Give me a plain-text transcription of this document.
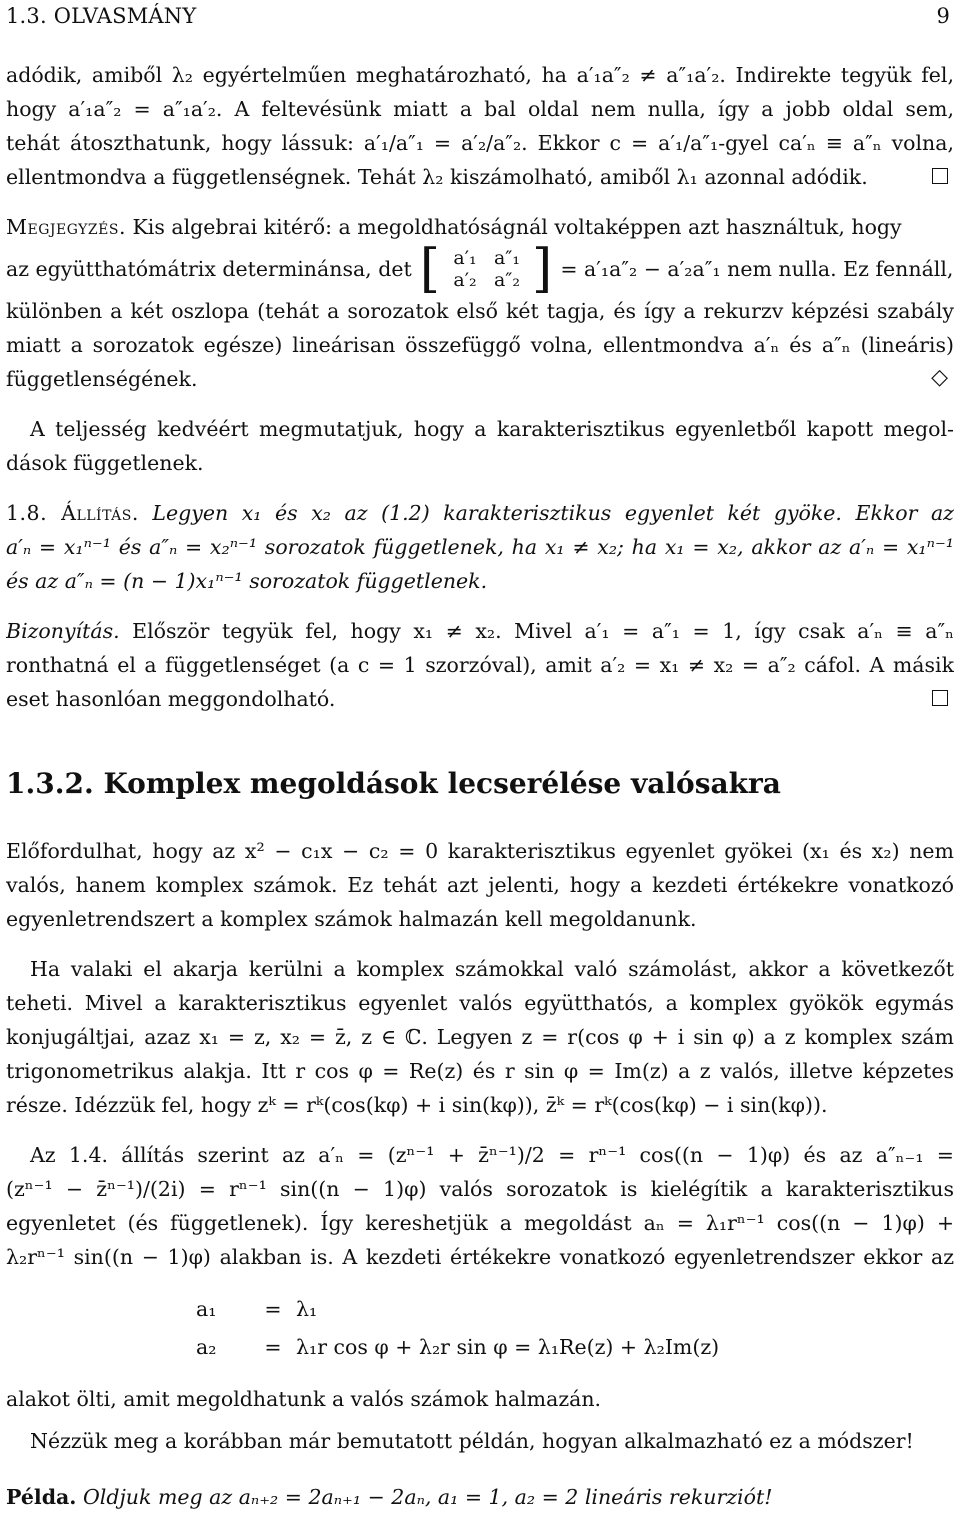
1.3. OLVASMÁNY	9

adódik, amiből λ₂ egyértelműen meghatározható, ha a′₁a″₂ ≠ a″₁a′₂. Indirekte tegyük fel,
hogy a′₁a″₂ = a″₁a′₂. A feltevésünk miatt a bal oldal nem nulla, így a jobb oldal sem,
tehát átoszthatunk, hogy lássuk: a′₁/a″₁ = a′₂/a″₂. Ekkor c = a′₁/a″₁-gyel ca′ₙ ≡ a″ₙ volna,
ellentmondva a függetlenségnek. Tehát λ₂ kiszámolható, amiből λ₁ azonnal adódik.

Megjegyzés. Kis algebrai kitérő: a megoldhatóságnál voltaképpen azt használtuk, hogy
az együtthatómátrix determinánsa, det [ a′₁ a″₁
a′₂ a″₂ ] = a′₁a″₂ − a′₂a″₁ nem nulla. Ez fennáll,
különben a két oszlopa (tehát a sorozatok első két tagja, és így a rekurzv képzési szabály
miatt a sorozatok egésze) lineárisan összefüggő volna, ellentmondva a′ₙ és a″ₙ (lineáris)
függetlenségének.	◇

A teljesség kedvéért megmutatjuk, hogy a karakterisztikus egyenletből kapott megol-
dások függetlenek.

1.8. Állítás. Legyen x₁ és x₂ az (1.2) karakterisztikus egyenlet két gyöke. Ekkor az
a′ₙ = x₁ⁿ⁻¹ és a″ₙ = x₂ⁿ⁻¹ sorozatok függetlenek, ha x₁ ≠ x₂; ha x₁ = x₂, akkor az a′ₙ = x₁ⁿ⁻¹
és az a″ₙ = (n − 1)x₁ⁿ⁻¹ sorozatok függetlenek.

Bizonyítás. Először tegyük fel, hogy x₁ ≠ x₂. Mivel a′₁ = a″₁ = 1, így csak a′ₙ ≡ a″ₙ
ronthatná el a függetlenséget (a c = 1 szorzóval), amit a′₂ = x₁ ≠ x₂ = a″₂ cáfol. A másik
eset hasonlóan meggondolható.

1.3.2. Komplex megoldások lecserélése valósakra

Előfordulhat, hogy az x² − c₁x − c₂ = 0 karakterisztikus egyenlet gyökei (x₁ és x₂) nem
valós, hanem komplex számok. Ez tehát azt jelenti, hogy a kezdeti értékekre vonatkozó
egyenletrendszert a komplex számok halmazán kell megoldanunk.

Ha valaki el akarja kerülni a komplex számokkal való számolást, akkor a következőt
teheti. Mivel a karakterisztikus egyenlet valós együtthatós, a komplex gyökök egymás
konjugáltjai, azaz x₁ = z, x₂ = z̄, z ∈ ℂ. Legyen z = r(cos φ + i sin φ) a z komplex szám
trigonometrikus alakja. Itt r cos φ = Re(z) és r sin φ = Im(z) a z valós, illetve képzetes
része. Idézzük fel, hogy zᵏ = rᵏ(cos(kφ) + i sin(kφ)), z̄ᵏ = rᵏ(cos(kφ) − i sin(kφ)).

Az 1.4. állítás szerint az a′ₙ = (zⁿ⁻¹ + z̄ⁿ⁻¹)/2 = rⁿ⁻¹ cos((n − 1)φ) és az a″ₙ₋₁ =
(zⁿ⁻¹ − z̄ⁿ⁻¹)/(2i) = rⁿ⁻¹ sin((n − 1)φ) valós sorozatok is kielégítik a karakterisztikus
egyenletet (és függetlenek). Így kereshetjük a megoldást aₙ = λ₁rⁿ⁻¹ cos((n − 1)φ) +
λ₂rⁿ⁻¹ sin((n − 1)φ) alakban is. A kezdeti értékekre vonatkozó egyenletrendszer ekkor az

a₁	= λ₁
a₂	= λ₁r cos φ + λ₂r sin φ = λ₁Re(z) + λ₂Im(z)

alakot ölti, amit megoldhatunk a valós számok halmazán.

Nézzük meg a korábban már bemutatott példán, hogyan alkalmazható ez a módszer!

Példa. Oldjuk meg az aₙ₊₂ = 2aₙ₊₁ − 2aₙ, a₁ = 1, a₂ = 2 lineáris rekurziót!
